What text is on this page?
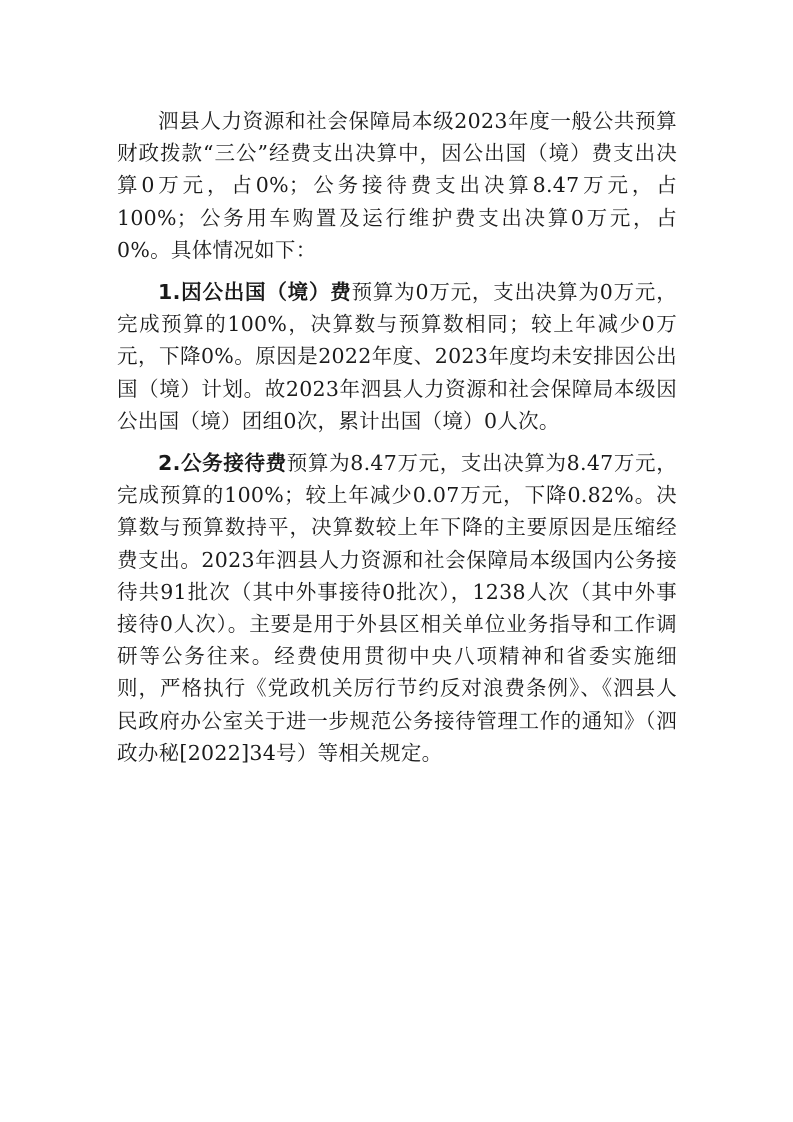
泗县人力资源和社会保障局本级2023年度一般公共预算财政拨款“三公”经费支出决算中，因公出国（境）费支出决算0万元，占0%；公务接待费支出决算8.47万元，占100%；公务用车购置及运行维护费支出决算0万元，占0%。具体情况如下：

1.因公出国（境）费预算为0万元，支出决算为0万元，完成预算的100%，决算数与预算数相同；较上年减少0万元，下降0%。原因是2022年度、2023年度均未安排因公出国（境）计划。故2023年泗县人力资源和社会保障局本级因公出国（境）团组0次，累计出国（境）0人次。

2.公务接待费预算为8.47万元，支出决算为8.47万元，完成预算的100%；较上年减少0.07万元，下降0.82%。决算数与预算数持平，决算数较上年下降的主要原因是压缩经费支出。2023年泗县人力资源和社会保障局本级国内公务接待共91批次（其中外事接待0批次），1238人次（其中外事接待0人次）。主要是用于外县区相关单位业务指导和工作调研等公务往来。经费使用贯彻中央八项精神和省委实施细则，严格执行《党政机关厉行节约反对浪费条例》、《泗县人民政府办公室关于进一步规范公务接待管理工作的通知》（泗政办秘[2022]34号）等相关规定。
